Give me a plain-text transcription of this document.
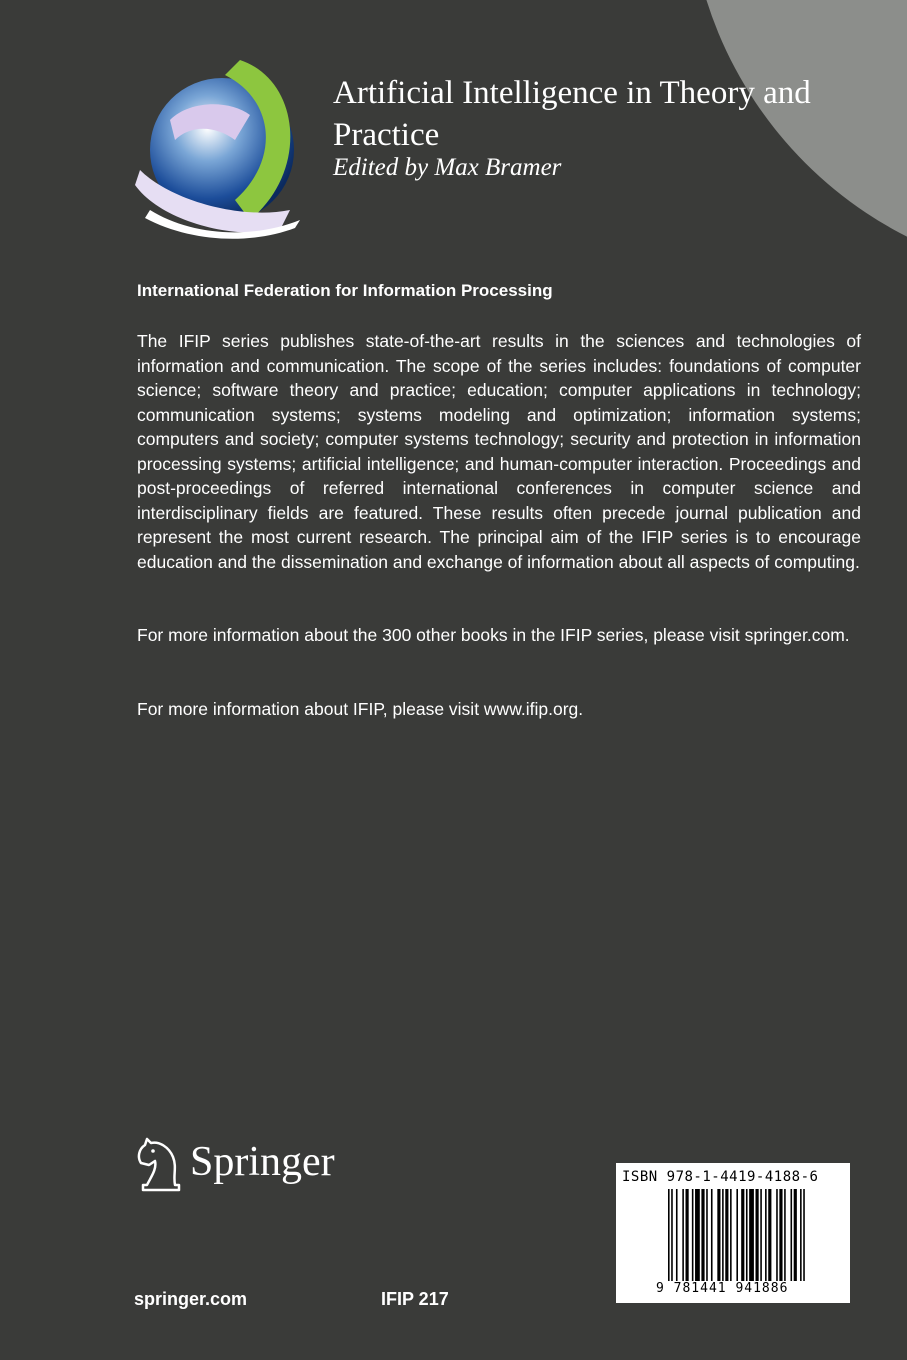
Artificial Intelligence in Theory and Practice
Edited by Max Bramer
International Federation for Information Processing

The IFIP series publishes state-of-the-art results in the sciences and technologies of information and communication. The scope of the series includes: foundations of computer science; software theory and practice; education; computer applications in technology; communication systems; systems modeling and optimization; information systems; computers and society; computer systems technology; security and protection in information processing systems; artificial intelligence; and human-computer interaction. Proceedings and post-proceedings of referred international conferences in computer science and interdisciplinary fields are featured. These results often precede journal publication and represent the most current research. The principal aim of the IFIP series is to encourage education and the dissemination and exchange of information about all aspects of computing.

For more information about the 300 other books in the IFIP series, please visit springer.com.

For more information about IFIP, please visit www.ifip.org.

Springer
springer.com	IFIP 217
ISBN 978-1-4419-4188-6
9 781441 941886
